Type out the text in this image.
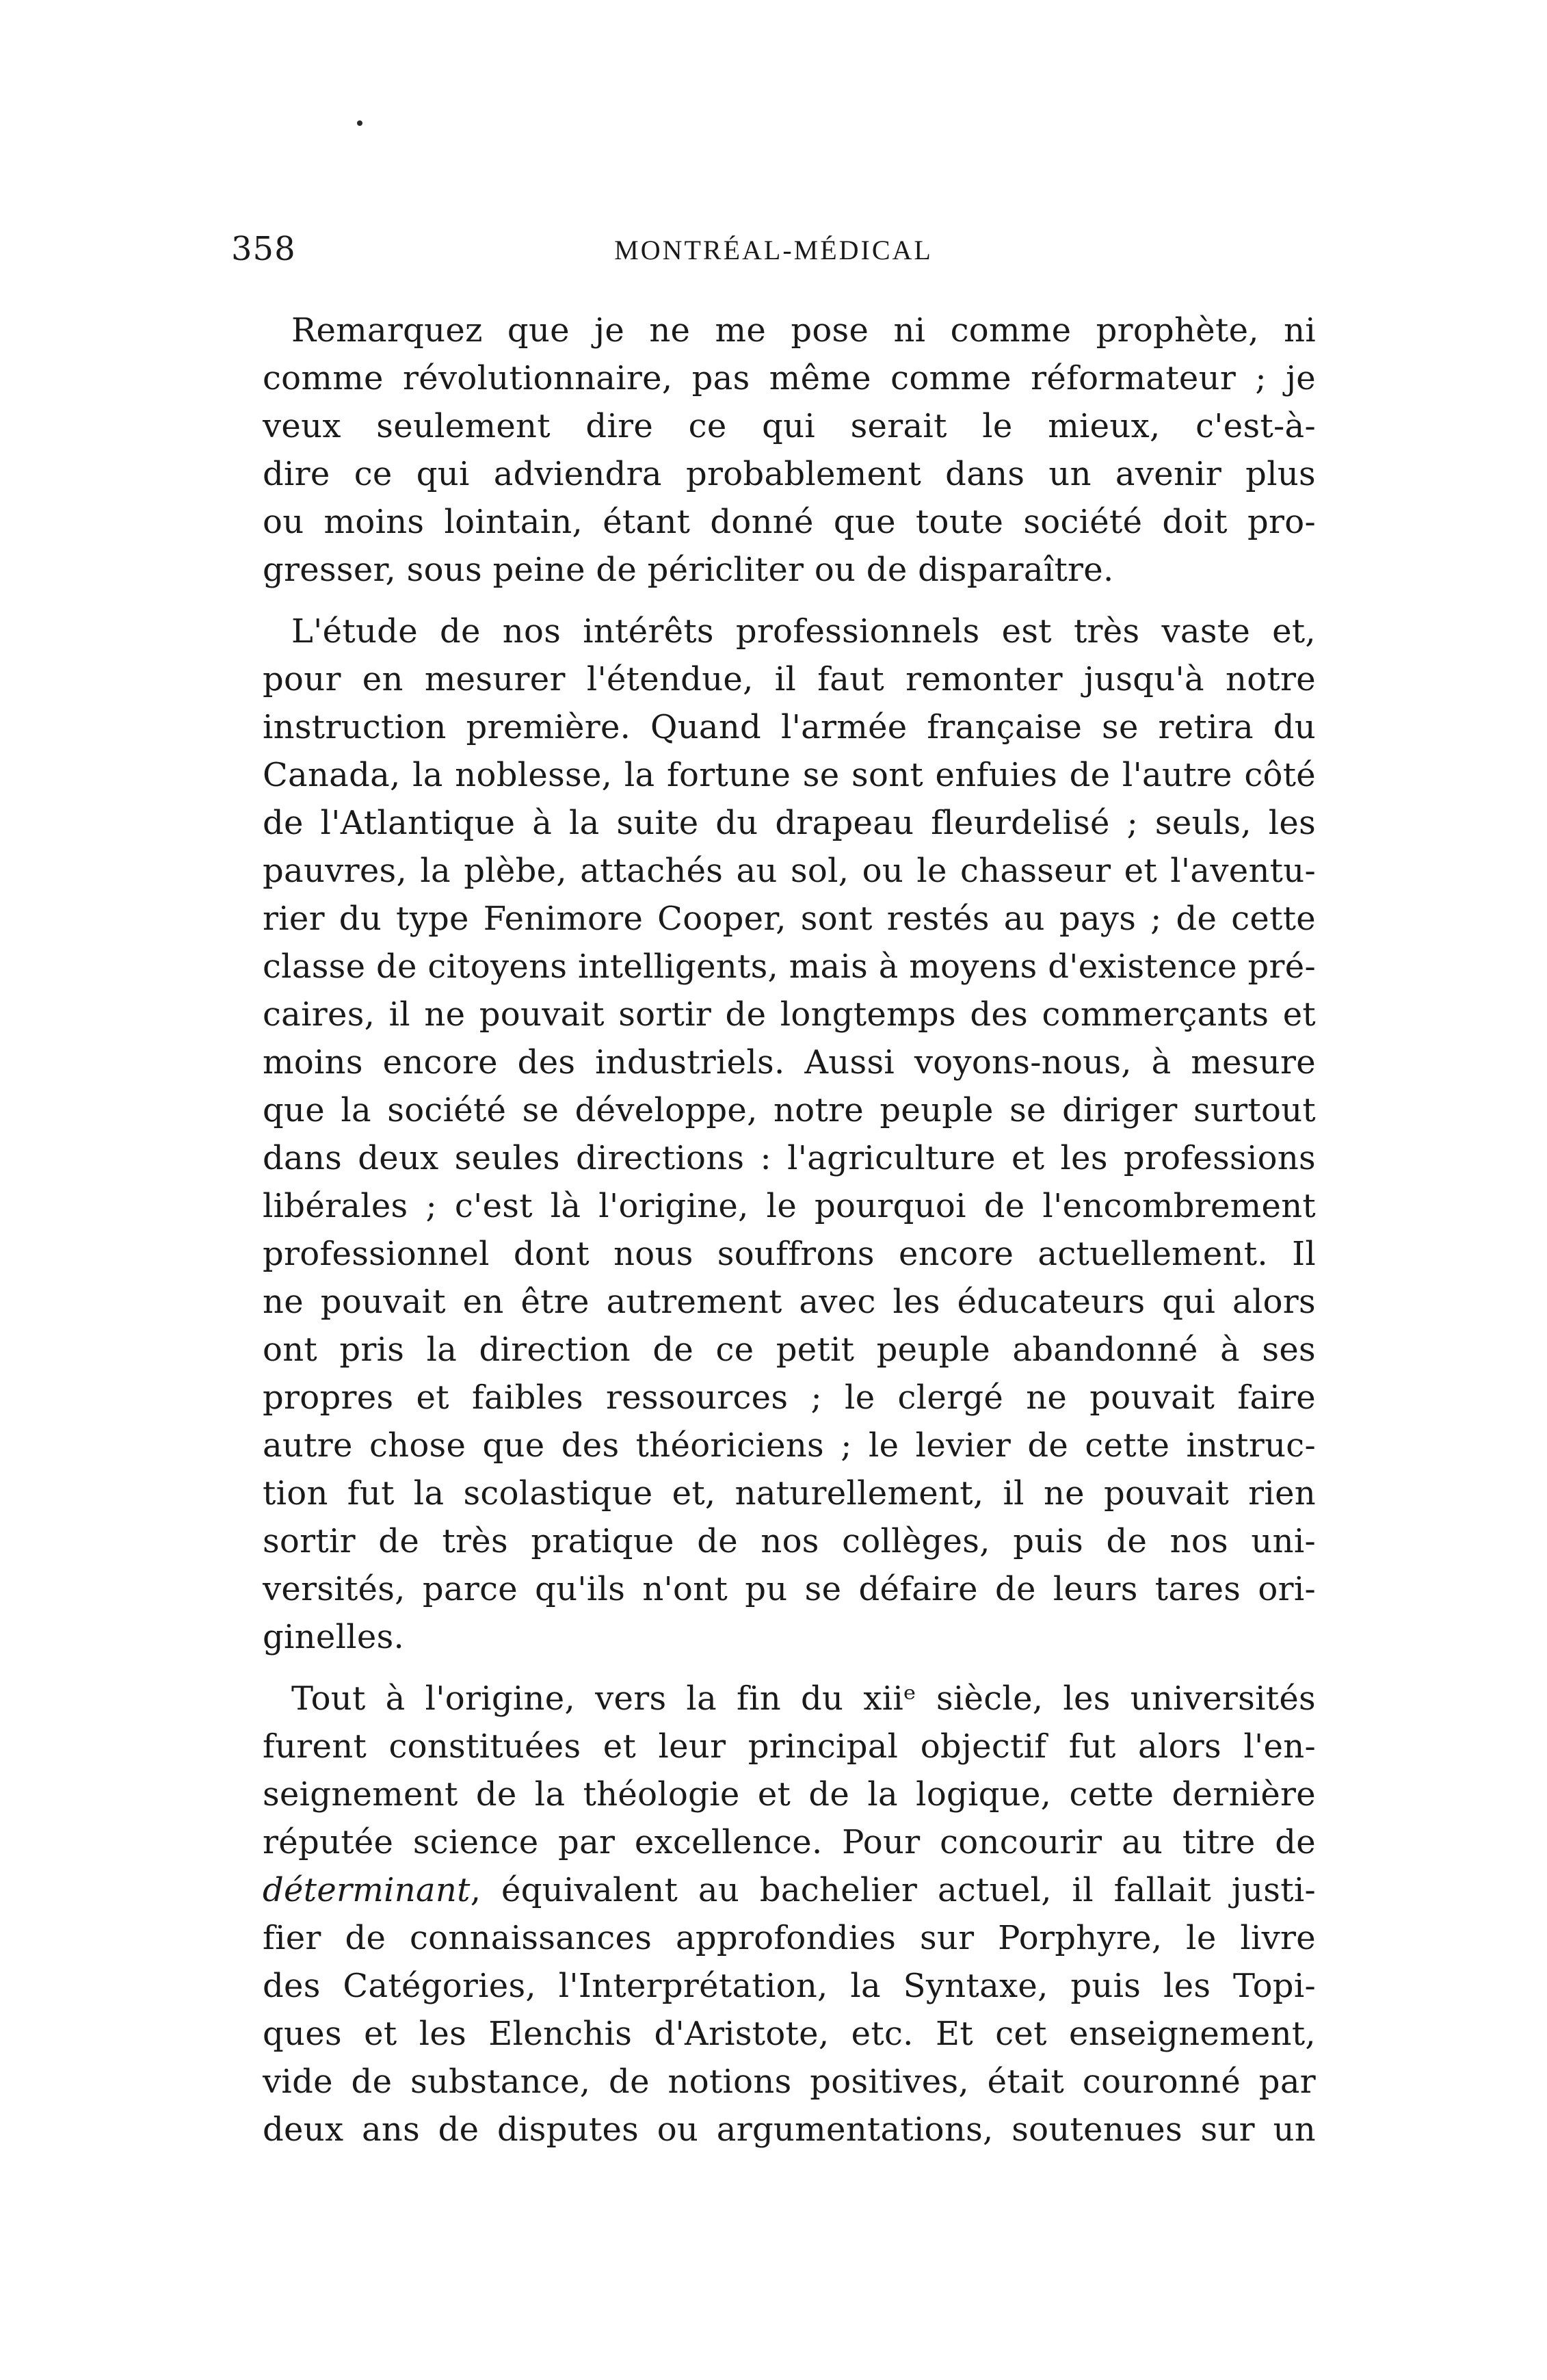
358	MONTRÉAL-MÉDICAL
Remarquez que je ne me pose ni comme prophète, ni
comme révolutionnaire, pas même comme réformateur ; je
veux seulement dire ce qui serait le mieux, c'est-à-
dire ce qui adviendra probablement dans un avenir plus
ou moins lointain, étant donné que toute société doit pro-
gresser, sous peine de péricliter ou de disparaître.
L'étude de nos intérêts professionnels est très vaste et,
pour en mesurer l'étendue, il faut remonter jusqu'à notre
instruction première. Quand l'armée française se retira du
Canada, la noblesse, la fortune se sont enfuies de l'autre côté
de l'Atlantique à la suite du drapeau fleurdelisé ; seuls, les
pauvres, la plèbe, attachés au sol, ou le chasseur et l'aventu-
rier du type Fenimore Cooper, sont restés au pays ; de cette
classe de citoyens intelligents, mais à moyens d'existence pré-
caires, il ne pouvait sortir de longtemps des commerçants et
moins encore des industriels. Aussi voyons-nous, à mesure
que la société se développe, notre peuple se diriger surtout
dans deux seules directions : l'agriculture et les professions
libérales ; c'est là l'origine, le pourquoi de l'encombrement
professionnel dont nous souffrons encore actuellement. Il
ne pouvait en être autrement avec les éducateurs qui alors
ont pris la direction de ce petit peuple abandonné à ses
propres et faibles ressources ; le clergé ne pouvait faire
autre chose que des théoriciens ; le levier de cette instruc-
tion fut la scolastique et, naturellement, il ne pouvait rien
sortir de très pratique de nos collèges, puis de nos uni-
versités, parce qu'ils n'ont pu se défaire de leurs tares ori-
ginelles.
Tout à l'origine, vers la fin du xiiᵉ siècle, les universités
furent constituées et leur principal objectif fut alors l'en-
seignement de la théologie et de la logique, cette dernière
réputée science par excellence. Pour concourir au titre de
déterminant, équivalent au bachelier actuel, il fallait justi-
fier de connaissances approfondies sur Porphyre, le livre
des Catégories, l'Interprétation, la Syntaxe, puis les Topi-
ques et les Elenchis d'Aristote, etc. Et cet enseignement,
vide de substance, de notions positives, était couronné par
deux ans de disputes ou argumentations, soutenues sur un
